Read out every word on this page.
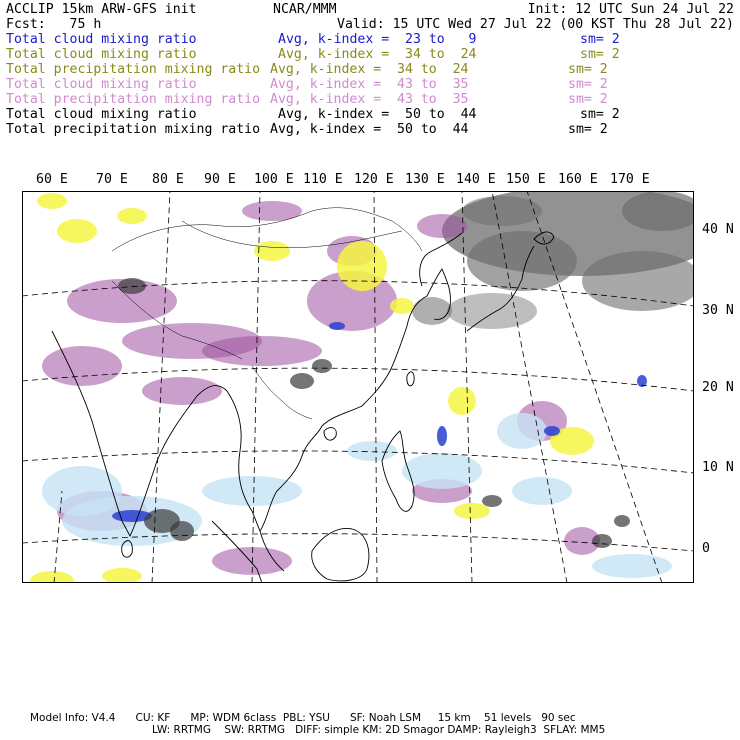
ACCLIP 15km ARW-GFS init	NCAR/MMM	Init: 12 UTC Sun 24 Jul 22
Fcst:   75 h	Valid: 15 UTC Wed 27 Jul 22 (00 KST Thu 28 Jul 22)
Total cloud mixing ratio	Avg, k-index =  23 to   9	sm= 2
Total cloud mixing ratio	Avg, k-index =  34 to  24	sm= 2
Total precipitation mixing ratio Avg, k-index =  34 to  24	sm= 2
Total cloud mixing ratio	Avg, k-index =  43 to  35	sm= 2
Total precipitation mixing ratio Avg, k-index =  43 to  35	sm= 2
Total cloud mixing ratio	Avg, k-index =  50 to  44	sm= 2
Total precipitation mixing ratio Avg, k-index =  50 to  44	sm= 2
60 E 70 E 80 E 90 E 100 E 110 E 120 E 130 E 140 E 150 E 160 E 170 E
40 N
30 N
20 N
10 N
0
Model Info: V4.4      CU: KF      MP: WDM 6class  PBL: YSU      SF: Noah LSM     15 km    51 levels   90 sec
LW: RRTMG    SW: RRTMG   DIFF: simple KM: 2D Smagor DAMP: Rayleigh3  SFLAY: MM5
